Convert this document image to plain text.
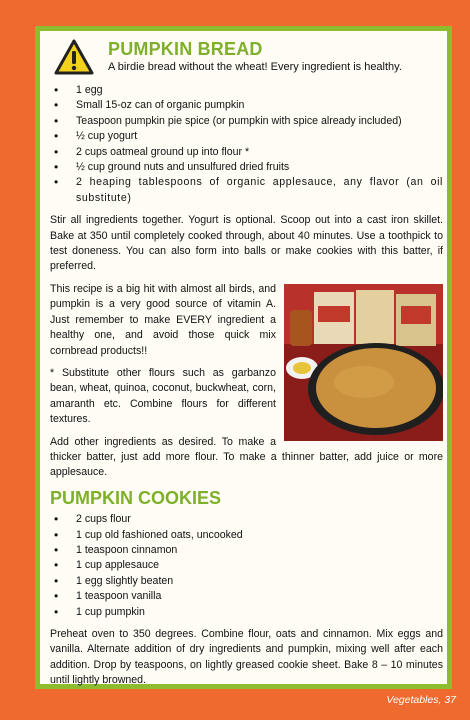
PUMPKIN BREAD

A birdie bread without the wheat! Every ingredient is healthy.

• 1 egg
• Small 15-oz can of organic pumpkin
• Teaspoon pumpkin pie spice (or pumpkin with spice already included)
• ½ cup yogurt
• 2 cups oatmeal ground up into flour *
• ½ cup ground nuts and unsulfured dried fruits
• 2 heaping tablespoons of organic applesauce, any flavor (an oil substitute)

Stir all ingredients together. Yogurt is optional. Scoop out into a cast iron skillet. Bake at 350 until completely cooked through, about 40 minutes. Use a toothpick to test doneness. You can also form into balls or make cookies with this batter, if preferred.

This recipe is a big hit with almost all birds, and pumpkin is a very good source of vitamin A. Just remember to make EVERY ingredient a healthy one, and avoid those quick mix cornbread products!!

* Substitute other flours such as garbanzo bean, wheat, quinoa, coconut, buckwheat, corn, amaranth etc. Combine flours for different textures.

Add other ingredients as desired. To make a thicker batter, just add more flour. To make a thinner batter, add juice or more applesauce.

PUMPKIN COOKIES
• 2 cups flour
• 1 cup old fashioned oats, uncooked
• 1 teaspoon cinnamon
• 1 cup applesauce
• 1 egg slightly beaten
• 1 teaspoon vanilla
• 1 cup pumpkin

Preheat oven to 350 degrees. Combine flour, oats and cinnamon. Mix eggs and vanilla. Alternate addition of dry ingredients and pumpkin, mixing well after each addition. Drop by teaspoons, on lightly greased cookie sheet. Bake 8 – 10 minutes until lightly browned.

Vegetables, 37
